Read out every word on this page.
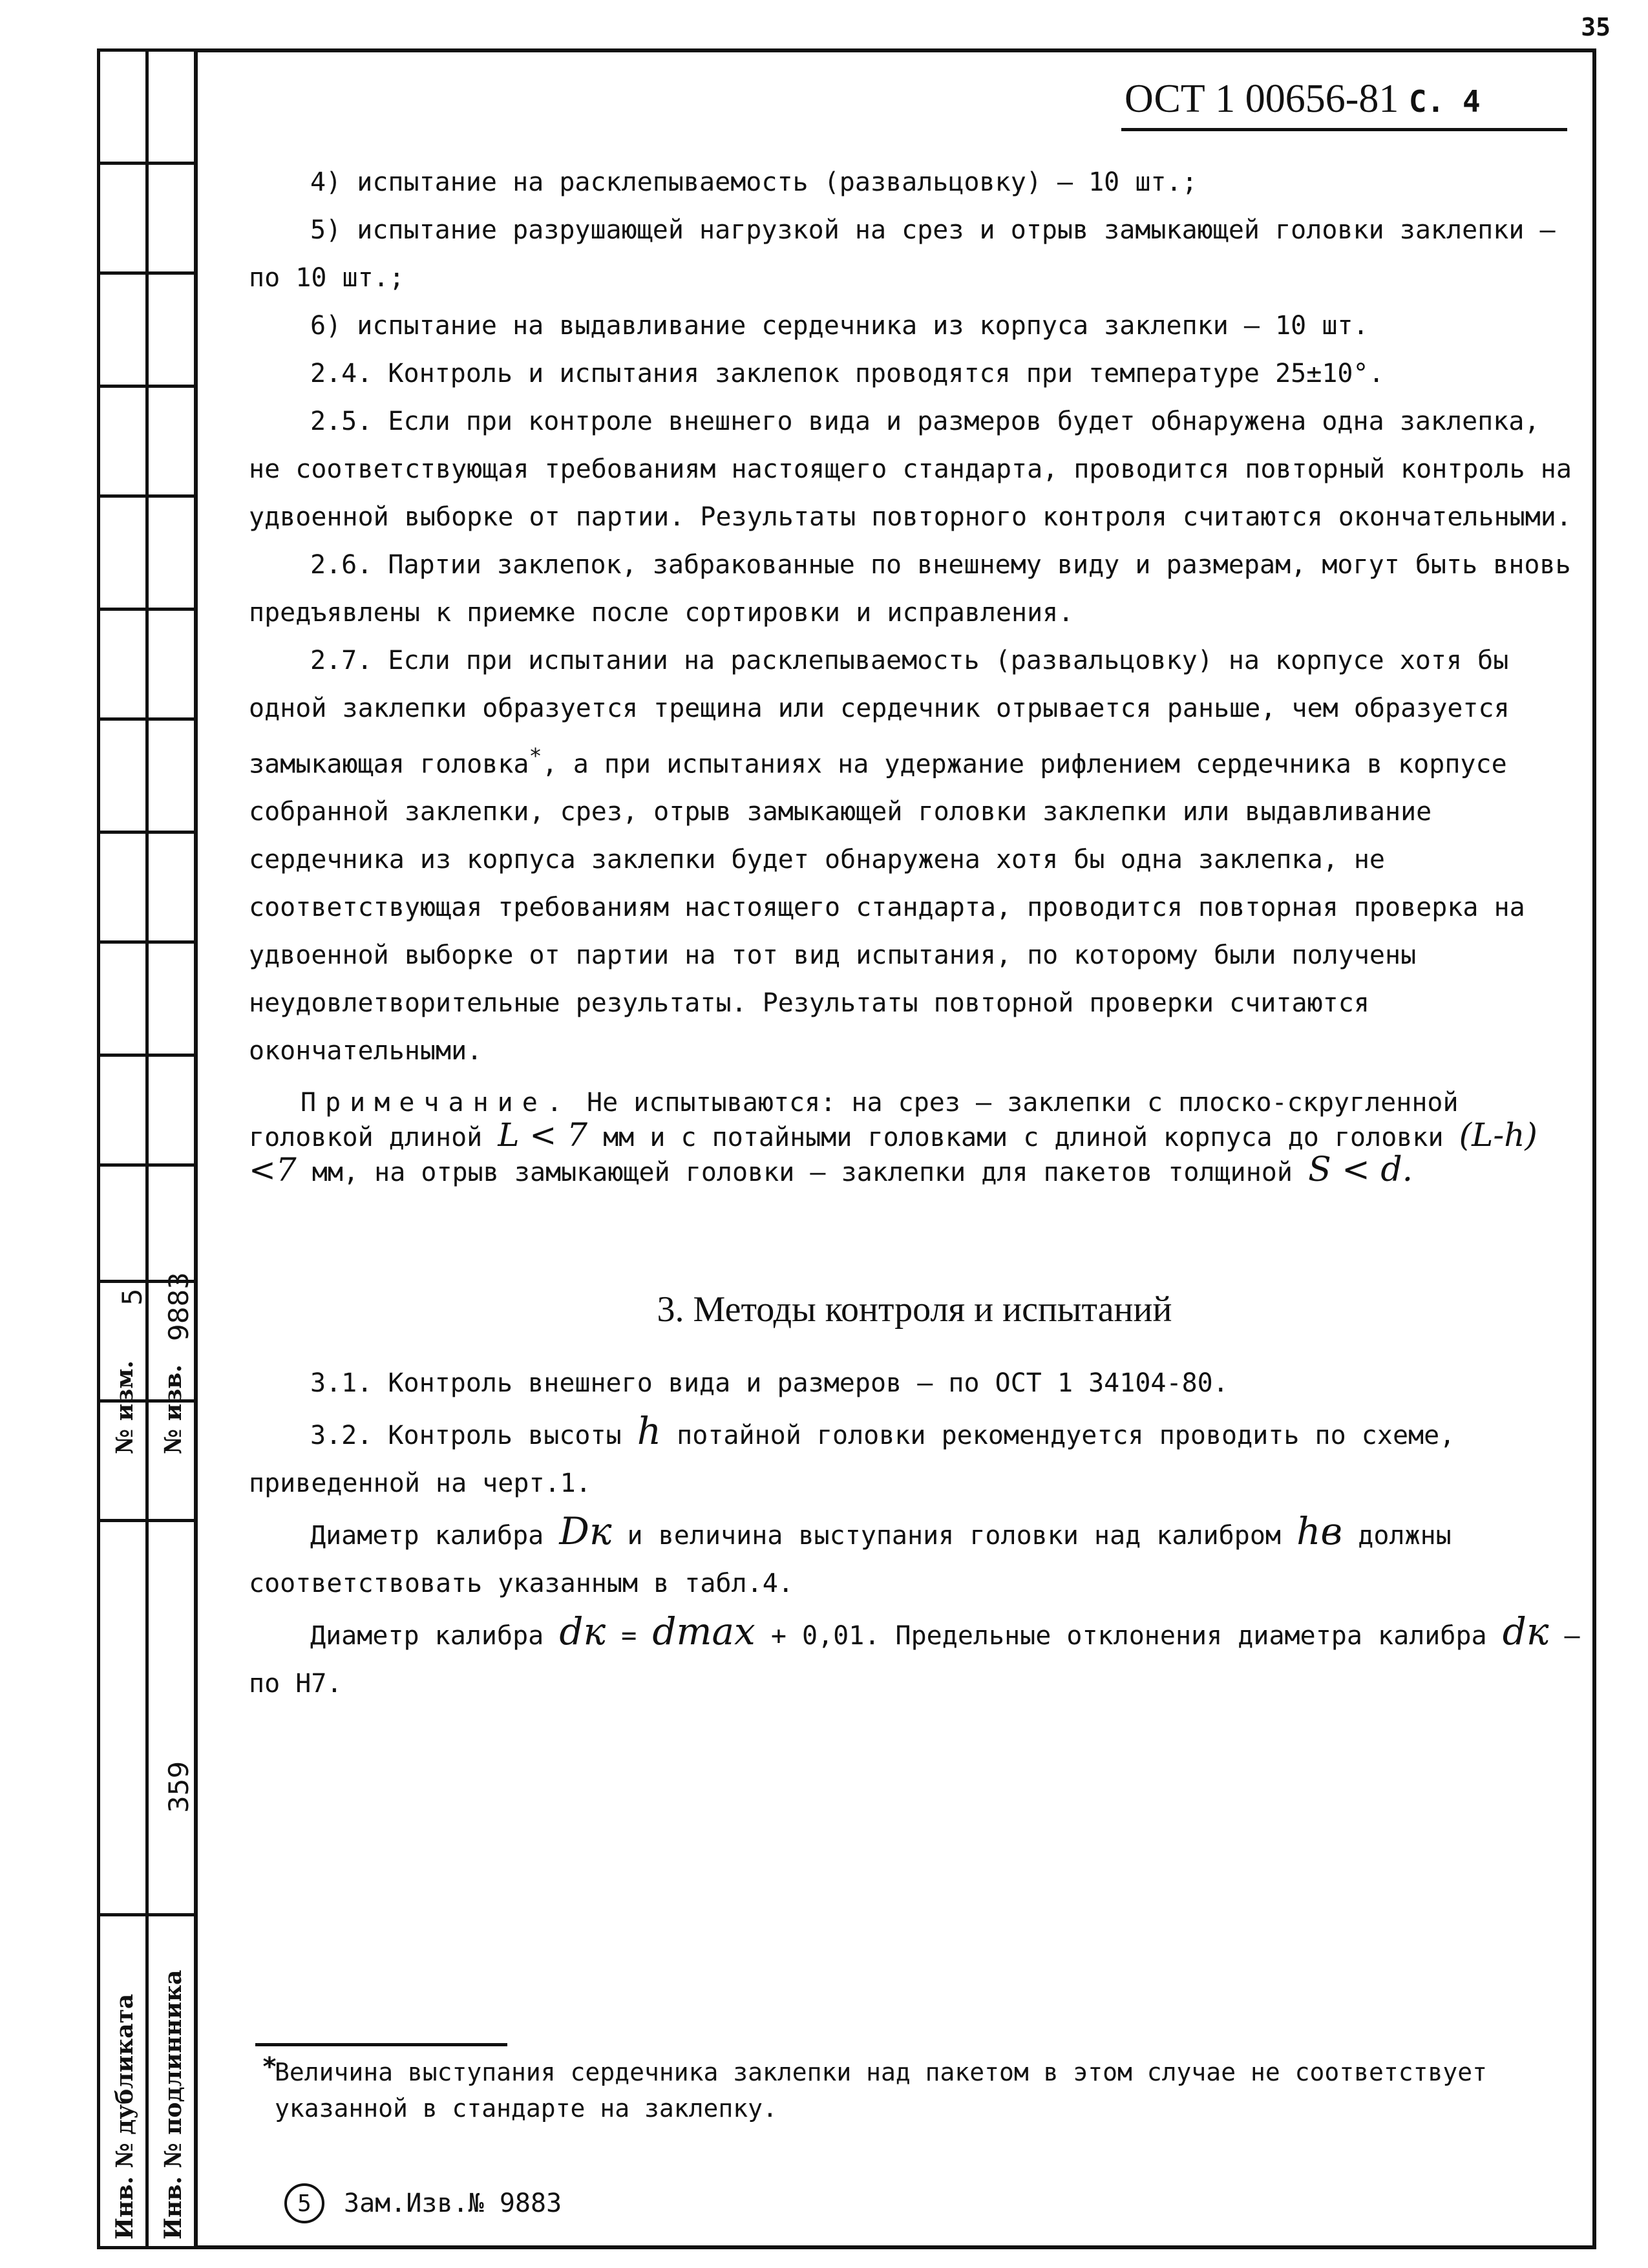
35
5
№ изм.
9883
№ изв.
359
Инв. № дубликата Инв. № подлинника
ОСТ 1 00656-81 С. 4

4) испытание на расклепываемость (развальцовку) – 10 шт.;

5) испытание разрушающей нагрузкой на срез и отрыв замыкающей головки заклепки – по 10 шт.;

6) испытание на выдавливание сердечника из корпуса заклепки – 10 шт.

2.4. Контроль и испытания заклепок проводятся при температуре 25±10°.

2.5. Если при контроле внешнего вида и размеров будет обнаружена одна заклепка, не соответствующая требованиям настоящего стандарта, проводится повторный контроль на удвоенной выборке от партии. Результаты повторного контроля считаются окончательными.

2.6. Партии заклепок, забракованные по внешнему виду и размерам, могут быть вновь предъявлены к приемке после сортировки и исправления.

2.7. Если при испытании на расклепываемость (развальцовку) на корпусе хотя бы одной заклепки образуется трещина или сердечник отрывается раньше, чем образуется замыкающая головка*, а при испытаниях на удержание рифлением сердечника в корпусе собранной заклепки, срез, отрыв замыкающей головки заклепки или выдавливание сердечника из корпуса заклепки будет обнаружена хотя бы одна заклепка, не соответствующая требованиям настоящего стандарта, проводится повторная проверка на удвоенной выборке от партии на тот вид испытания, по которому были получены неудовлетворительные результаты. Результаты повторной проверки считаются окончательными.

Примечание. Не испытываются: на срез – заклепки с плоско-скругленной головкой длиной L < 7 мм и с потайными головками с длиной корпуса до головки (L-h) <7 мм, на отрыв замыкающей головки – заклепки для пакетов толщиной S < d.

3. Методы контроля и испытаний

3.1. Контроль внешнего вида и размеров – по ОСТ 1 34104-80.

3.2. Контроль высоты h потайной головки рекомендуется проводить по схеме, приведенной на черт.1.

Диаметр калибра Dк и величина выступания головки над калибром hв должны соответствовать указанным в табл.4.

Диаметр калибра dк = dmax + 0,01. Предельные отклонения диаметра калибра dк – по Н7.

*
Величина выступания сердечника заклепки над пакетом в этом случае не соответствует указанной в стандарте на заклепку.
5	Зам.Изв.№ 9883
